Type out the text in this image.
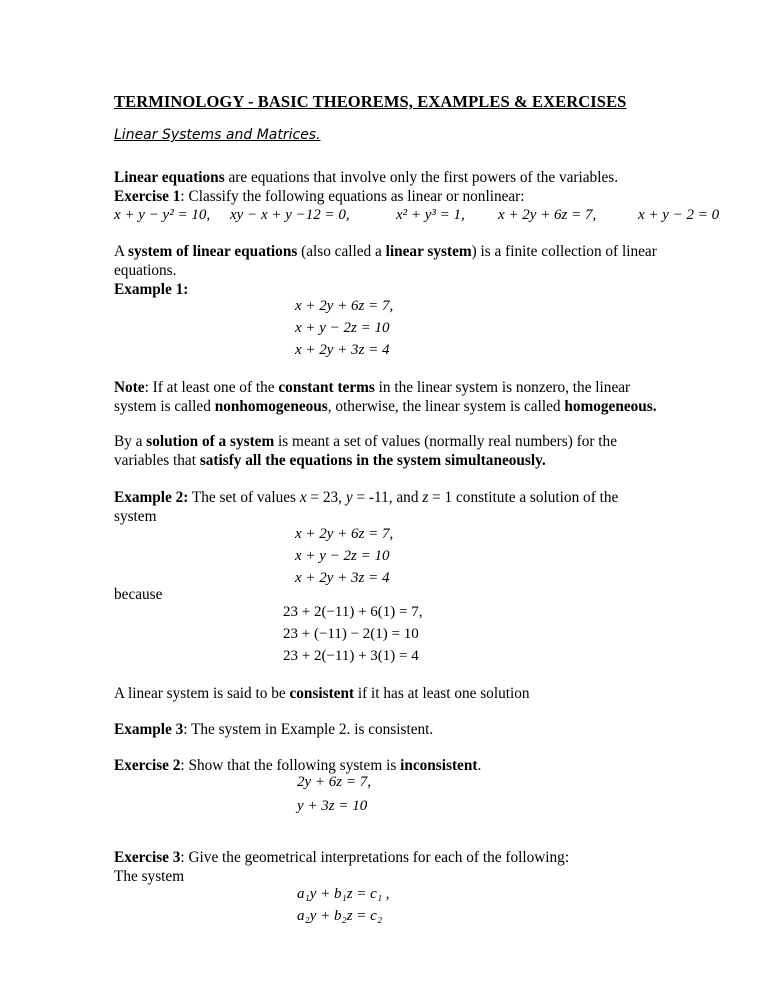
TERMINOLOGY - BASIC THEOREMS, EXAMPLES & EXERCISES
Linear Systems and Matrices.
Linear equations are equations that involve only the first powers of the variables.
Exercise 1: Classify the following equations as linear or nonlinear:
x + y − y² = 10, xy − x + y −12 = 0,	x² + y³ = 1, x + 2y + 6z = 7,	x + y − 2 = 0
A system of linear equations (also called a linear system) is a finite collection of linear
equations.
Example 1:
x + 2y + 6z = 7,
x + y − 2z = 10
x + 2y + 3z = 4
Note: If at least one of the constant terms in the linear system is nonzero, the linear
system is called nonhomogeneous, otherwise, the linear system is called homogeneous.
By a solution of a system is meant a set of values (normally real numbers) for the
variables that satisfy all the equations in the system simultaneously.
Example 2: The set of values x = 23, y = -11, and z = 1 constitute a solution of the
system
x + 2y + 6z = 7,
x + y − 2z = 10
x + 2y + 3z = 4
because
23 + 2(−11) + 6(1) = 7,
23 + (−11) − 2(1) = 10
23 + 2(−11) + 3(1) = 4
A linear system is said to be consistent if it has at least one solution
Example 3: The system in Example 2. is consistent.
Exercise 2: Show that the following system is inconsistent.
2y + 6z = 7,
y + 3z = 10
Exercise 3: Give the geometrical interpretations for each of the following:
The system
a₁y + b₁z = c₁ ,
a₂y + b₂z = c₂
